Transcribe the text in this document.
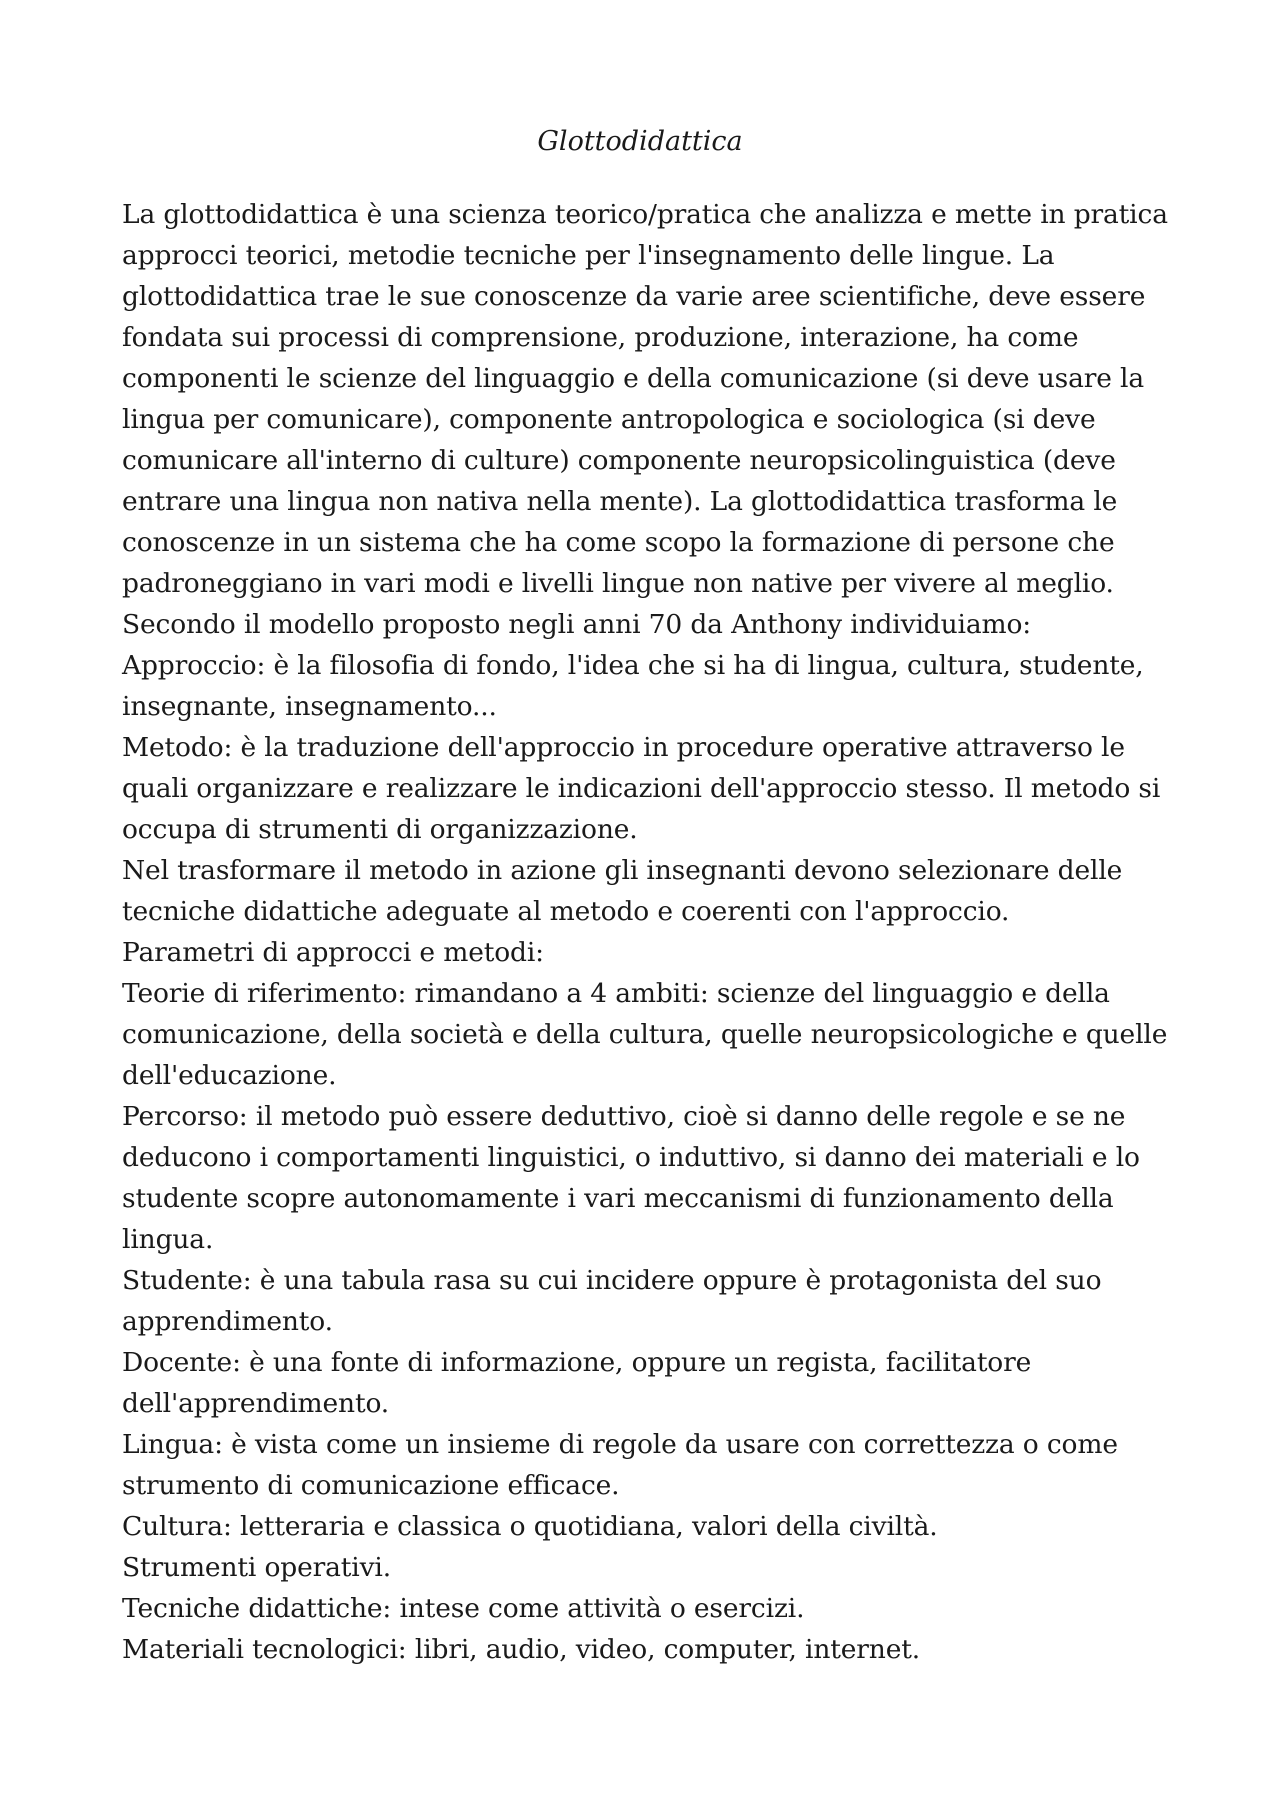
Glottodidattica

La glottodidattica è una scienza teorico/pratica che analizza e mette in pratica approcci teorici, metodie tecniche per l'insegnamento delle lingue. La glottodidattica trae le sue conoscenze da varie aree scientifiche, deve essere fondata sui processi di comprensione, produzione, interazione, ha come componenti le scienze del linguaggio e della comunicazione (si deve usare la lingua per comunicare), componente antropologica e sociologica (si deve comunicare all'interno di culture) componente neuropsicolinguistica (deve entrare una lingua non nativa nella mente). La glottodidattica trasforma le conoscenze in un sistema che ha come scopo la formazione di persone che padroneggiano in vari modi e livelli lingue non native per vivere al meglio.

Secondo il modello proposto negli anni 70 da Anthony individuiamo:

Approccio: è la filosofia di fondo, l'idea che si ha di lingua, cultura, studente, insegnante, insegnamento...

Metodo: è la traduzione dell'approccio in procedure operative attraverso le quali organizzare e realizzare le indicazioni dell'approccio stesso. Il metodo si occupa di strumenti di organizzazione.

Nel trasformare il metodo in azione gli insegnanti devono selezionare delle tecniche didattiche adeguate al metodo e coerenti con l'approccio.

Parametri di approcci e metodi:

Teorie di riferimento: rimandano a 4 ambiti: scienze del linguaggio e della comunicazione, della società e della cultura, quelle neuropsicologiche e quelle dell'educazione.

Percorso: il metodo può essere deduttivo, cioè si danno delle regole e se ne deducono i comportamenti linguistici, o induttivo, si danno dei materiali e lo studente scopre autonomamente i vari meccanismi di funzionamento della lingua.

Studente: è una tabula rasa su cui incidere oppure è protagonista del suo apprendimento.

Docente: è una fonte di informazione, oppure un regista, facilitatore dell'apprendimento.

Lingua: è vista come un insieme di regole da usare con correttezza o come strumento di comunicazione efficace.

Cultura: letteraria e classica o quotidiana, valori della civiltà.

Strumenti operativi.

Tecniche didattiche: intese come attività o esercizi.

Materiali tecnologici: libri, audio, video, computer, internet.
